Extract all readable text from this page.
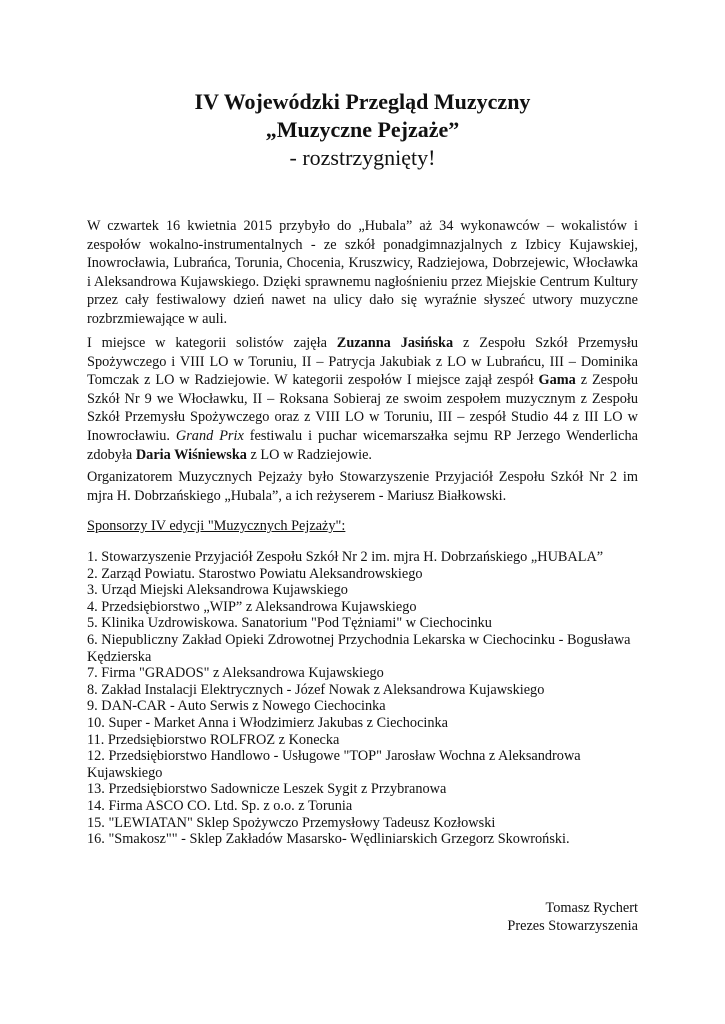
IV Wojewódzki Przegląd Muzyczny
„Muzyczne Pejzaże”
- rozstrzygnięty!

W czwartek 16 kwietnia 2015 przybyło do „Hubala” aż 34 wykonawców – wokalistów i zespołów wokalno-instrumentalnych - ze szkół ponadgimnazjalnych z Izbicy Kujawskiej, Inowrocławia, Lubrańca, Torunia, Chocenia, Kruszwicy, Radziejowa, Dobrzejewic, Włocławka i Aleksandrowa Kujawskiego. Dzięki sprawnemu nagłośnieniu przez Miejskie Centrum Kultury przez cały festiwalowy dzień nawet na ulicy dało się wyraźnie słyszeć utwory muzyczne rozbrzmiewające w auli.

I miejsce w kategorii solistów zajęła Zuzanna Jasińska z Zespołu Szkół Przemysłu Spożywczego i VIII LO w Toruniu, II – Patrycja Jakubiak z LO w Lubrańcu, III – Dominika Tomczak z LO w Radziejowie. W kategorii zespołów I miejsce zajął zespół Gama z Zespołu Szkół Nr 9 we Włocławku, II – Roksana Sobieraj ze swoim zespołem muzycznym z Zespołu Szkół Przemysłu Spożywczego oraz z VIII LO w Toruniu, III – zespół Studio 44 z III LO w Inowrocławiu. Grand Prix festiwalu i puchar wicemarszałka sejmu RP Jerzego Wenderlicha zdobyła Daria Wiśniewska z LO w Radziejowie.

Organizatorem Muzycznych Pejzaży było Stowarzyszenie Przyjaciół Zespołu Szkół Nr 2 im mjra H. Dobrzańskiego „Hubala”, a ich reżyserem - Mariusz Białkowski.

Sponsorzy IV edycji "Muzycznych Pejzaży":
1. Stowarzyszenie Przyjaciół Zespołu Szkół Nr 2 im. mjra H. Dobrzańskiego „HUBALA”
2. Zarząd Powiatu. Starostwo Powiatu Aleksandrowskiego
3. Urząd Miejski Aleksandrowa Kujawskiego
4. Przedsiębiorstwo „WIP” z Aleksandrowa Kujawskiego
5. Klinika Uzdrowiskowa. Sanatorium "Pod Tężniami" w Ciechocinku
6. Niepubliczny Zakład Opieki Zdrowotnej Przychodnia Lekarska w Ciechocinku - Bogusława Kędzierska
7. Firma "GRADOS" z Aleksandrowa Kujawskiego
8. Zakład Instalacji Elektrycznych - Józef Nowak z Aleksandrowa Kujawskiego
9. DAN-CAR - Auto Serwis z Nowego Ciechocinka
10. Super - Market Anna i Włodzimierz Jakubas z Ciechocinka
11. Przedsiębiorstwo ROLFROZ z Konecka
12. Przedsiębiorstwo Handlowo - Usługowe "TOP" Jarosław Wochna z Aleksandrowa Kujawskiego
13. Przedsiębiorstwo Sadownicze Leszek Sygit z Przybranowa
14. Firma ASCO CO. Ltd. Sp. z o.o. z Torunia
15. "LEWIATAN" Sklep Spożywczo Przemysłowy Tadeusz Kozłowski
16. "Smakosz"" - Sklep Zakładów Masarsko- Wędliniarskich Grzegorz Skowroński.
Tomasz Rychert
Prezes Stowarzyszenia
